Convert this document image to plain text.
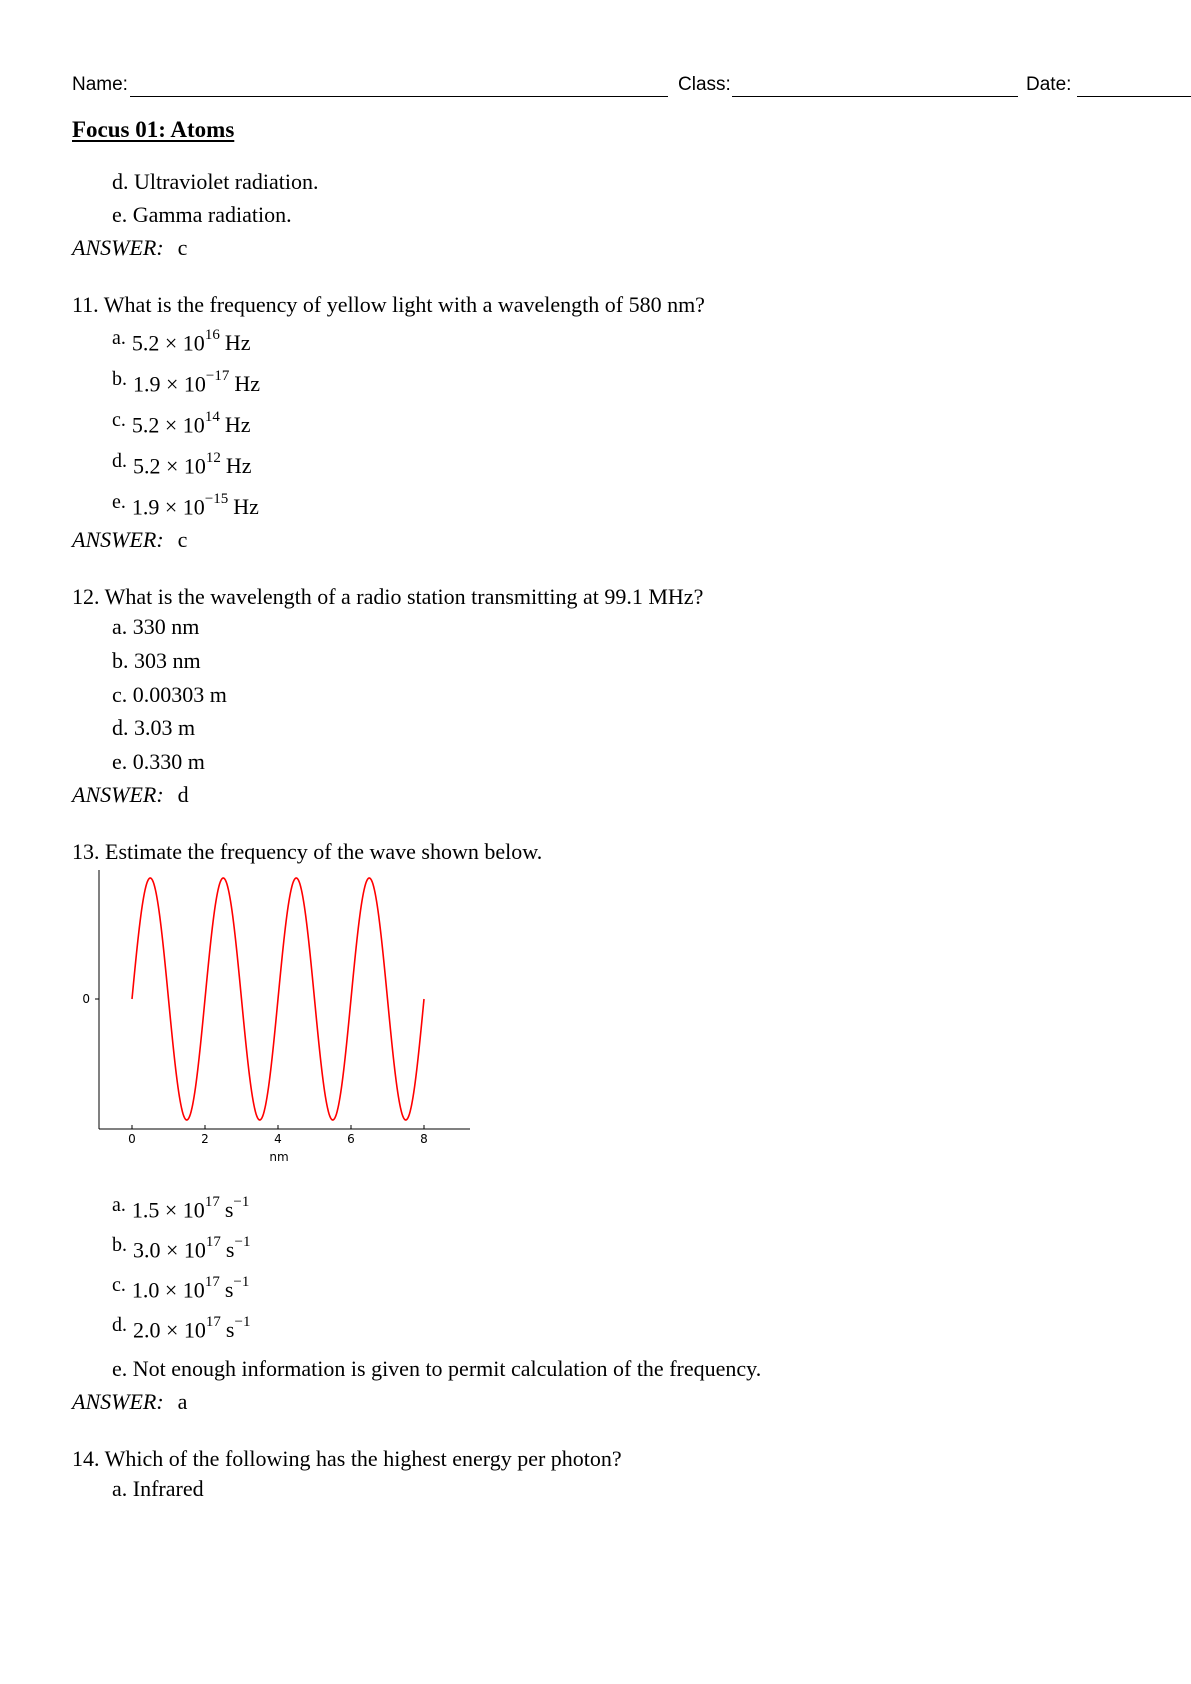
Name:	Class:	Date:
Focus 01: Atoms
d. Ultraviolet radiation.
e. Gamma radiation.
ANSWER: c
11. What is the frequency of yellow light with a wavelength of 580 nm?
a. $5.2 \times 10^{16}$ Hz
b. $1.9 \times 10^{-17}$ Hz
c. $5.2 \times 10^{14}$ Hz
d. $5.2 \times 10^{12}$ Hz
e. $1.9 \times 10^{-15}$ Hz
ANSWER: c
12. What is the wavelength of a radio station transmitting at 99.1 MHz?
a. 330 nm
b. 303 nm
c. 0.00303 m
d. 3.03 m
e. 0.330 m
ANSWER: d
13. Estimate the frequency of the wave shown below.
0
0	2	4	6	8
nm
a. $1.5 \times 10^{17}$ $s^{-1}$
b. $3.0 \times 10^{17}$ $s^{-1}$
c. $1.0 \times 10^{17}$ $s^{-1}$
d. $2.0 \times 10^{17}$ $s^{-1}$
e. Not enough information is given to permit calculation of the frequency.
ANSWER: a
14. Which of the following has the highest energy per photon?
a. Infrared
